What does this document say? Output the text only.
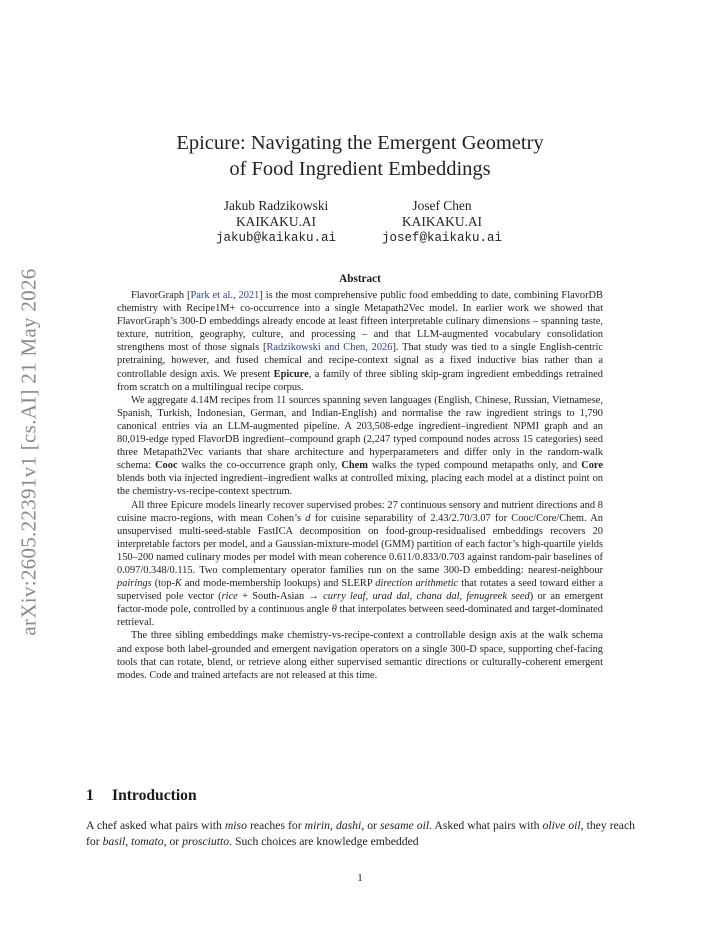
arXiv:2605.22391v1 [cs.AI] 21 May 2026
Epicure: Navigating the Emergent Geometry
of Food Ingredient Embeddings
Jakub Radzikowski
KAIKAKU.AI
jakub@kaikaku.ai
Josef Chen
KAIKAKU.AI
josef@kaikaku.ai
Abstract

FlavorGraph [Park et al., 2021] is the most comprehensive public food embedding to date, combining FlavorDB chemistry with Recipe1M+ co-occurrence into a single Metapath2Vec model. In earlier work we showed that FlavorGraph’s 300-D embeddings already encode at least fifteen interpretable culinary dimensions – spanning taste, texture, nutrition, geography, culture, and processing – and that LLM-augmented vocabulary consolidation strengthens most of those signals [Radzikowski and Chen, 2026]. That study was tied to a single English-centric pretraining, however, and fused chemical and recipe-context signal as a fixed inductive bias rather than a controllable design axis. We present Epicure, a family of three sibling skip-gram ingredient embeddings retrained from scratch on a multilingual recipe corpus.

We aggregate 4.14M recipes from 11 sources spanning seven languages (English, Chinese, Russian, Vietnamese, Spanish, Turkish, Indonesian, German, and Indian-English) and normalise the raw ingredient strings to 1,790 canonical entries via an LLM-augmented pipeline. A 203,508-edge ingredient–ingredient NPMI graph and an 80,019-edge typed FlavorDB ingredient–compound graph (2,247 typed compound nodes across 15 categories) seed three Metapath2Vec variants that share architecture and hyperparameters and differ only in the random-walk schema: Cooc walks the co-occurrence graph only, Chem walks the typed compound metapaths only, and Core blends both via injected ingredient–ingredient walks at controlled mixing, placing each model at a distinct point on the chemistry-vs-recipe-context spectrum.

All three Epicure models linearly recover supervised probes: 27 continuous sensory and nutrient directions and 8 cuisine macro-regions, with mean Cohen’s d for cuisine separability of 2.43/2.70/3.07 for Cooc/Core/Chem. An unsupervised multi-seed-stable FastICA decomposition on food-group-residualised embeddings recovers 20 interpretable factors per model, and a Gaussian-mixture-model (GMM) partition of each factor’s high-quartile yields 150–200 named culinary modes per model with mean coherence 0.611/0.833/0.703 against random-pair baselines of 0.097/0.348/0.115. Two complementary operator families run on the same 300-D embedding: nearest-neighbour pairings (top-K and mode-membership lookups) and SLERP direction arithmetic that rotates a seed toward either a supervised pole vector (rice + South-Asian → curry leaf, urad dal, chana dal, fenugreek seed) or an emergent factor-mode pole, controlled by a continuous angle θ that interpolates between seed-dominated and target-dominated retrieval.

The three sibling embeddings make chemistry-vs-recipe-context a controllable design axis at the walk schema and expose both label-grounded and emergent navigation operators on a single 300-D space, supporting chef-facing tools that can rotate, blend, or retrieve along either supervised semantic directions or culturally-coherent emergent modes. Code and trained artefacts are not released at this time.

1 Introduction

A chef asked what pairs with miso reaches for mirin, dashi, or sesame oil. Asked what pairs with olive oil, they reach for basil, tomato, or prosciutto. Such choices are knowledge embedded

1
